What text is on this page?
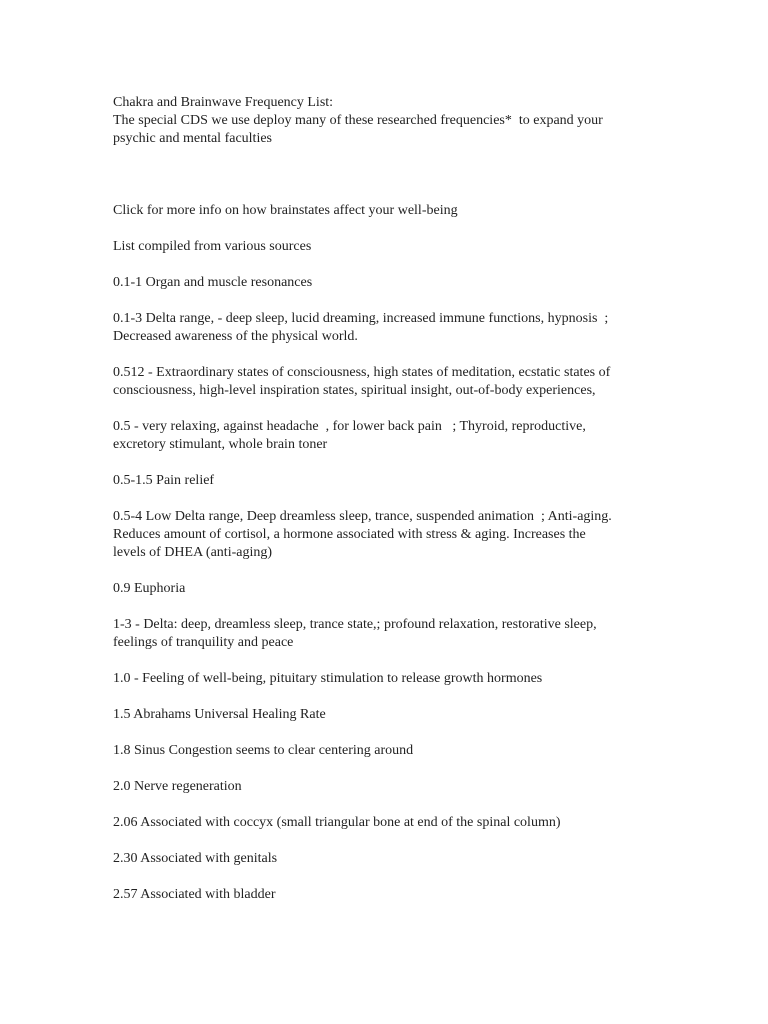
Chakra and Brainwave Frequency List:

The special CDS we use deploy many of these researched frequencies*  to expand your

psychic and mental faculties

Click for more info on how brainstates affect your well-being

List compiled from various sources

0.1-1 Organ and muscle resonances

0.1-3 Delta range, - deep sleep, lucid dreaming, increased immune functions, hypnosis  ;
Decreased awareness of the physical world.

0.512 - Extraordinary states of consciousness, high states of meditation, ecstatic states of
consciousness, high-level inspiration states, spiritual insight, out-of-body experiences,

0.5 - very relaxing, against headache  , for lower back pain   ; Thyroid, reproductive,
excretory stimulant, whole brain toner

0.5-1.5 Pain relief

0.5-4 Low Delta range, Deep dreamless sleep, trance, suspended animation  ; Anti-aging.
Reduces amount of cortisol, a hormone associated with stress & aging. Increases the
levels of DHEA (anti-aging)

0.9 Euphoria

1-3 - Delta: deep, dreamless sleep, trance state,; profound relaxation, restorative sleep,
feelings of tranquility and peace

1.0 - Feeling of well-being, pituitary stimulation to release growth hormones

1.5 Abrahams Universal Healing Rate

1.8 Sinus Congestion seems to clear centering around

2.0 Nerve regeneration

2.06 Associated with coccyx (small triangular bone at end of the spinal column)

2.30 Associated with genitals

2.57 Associated with bladder
